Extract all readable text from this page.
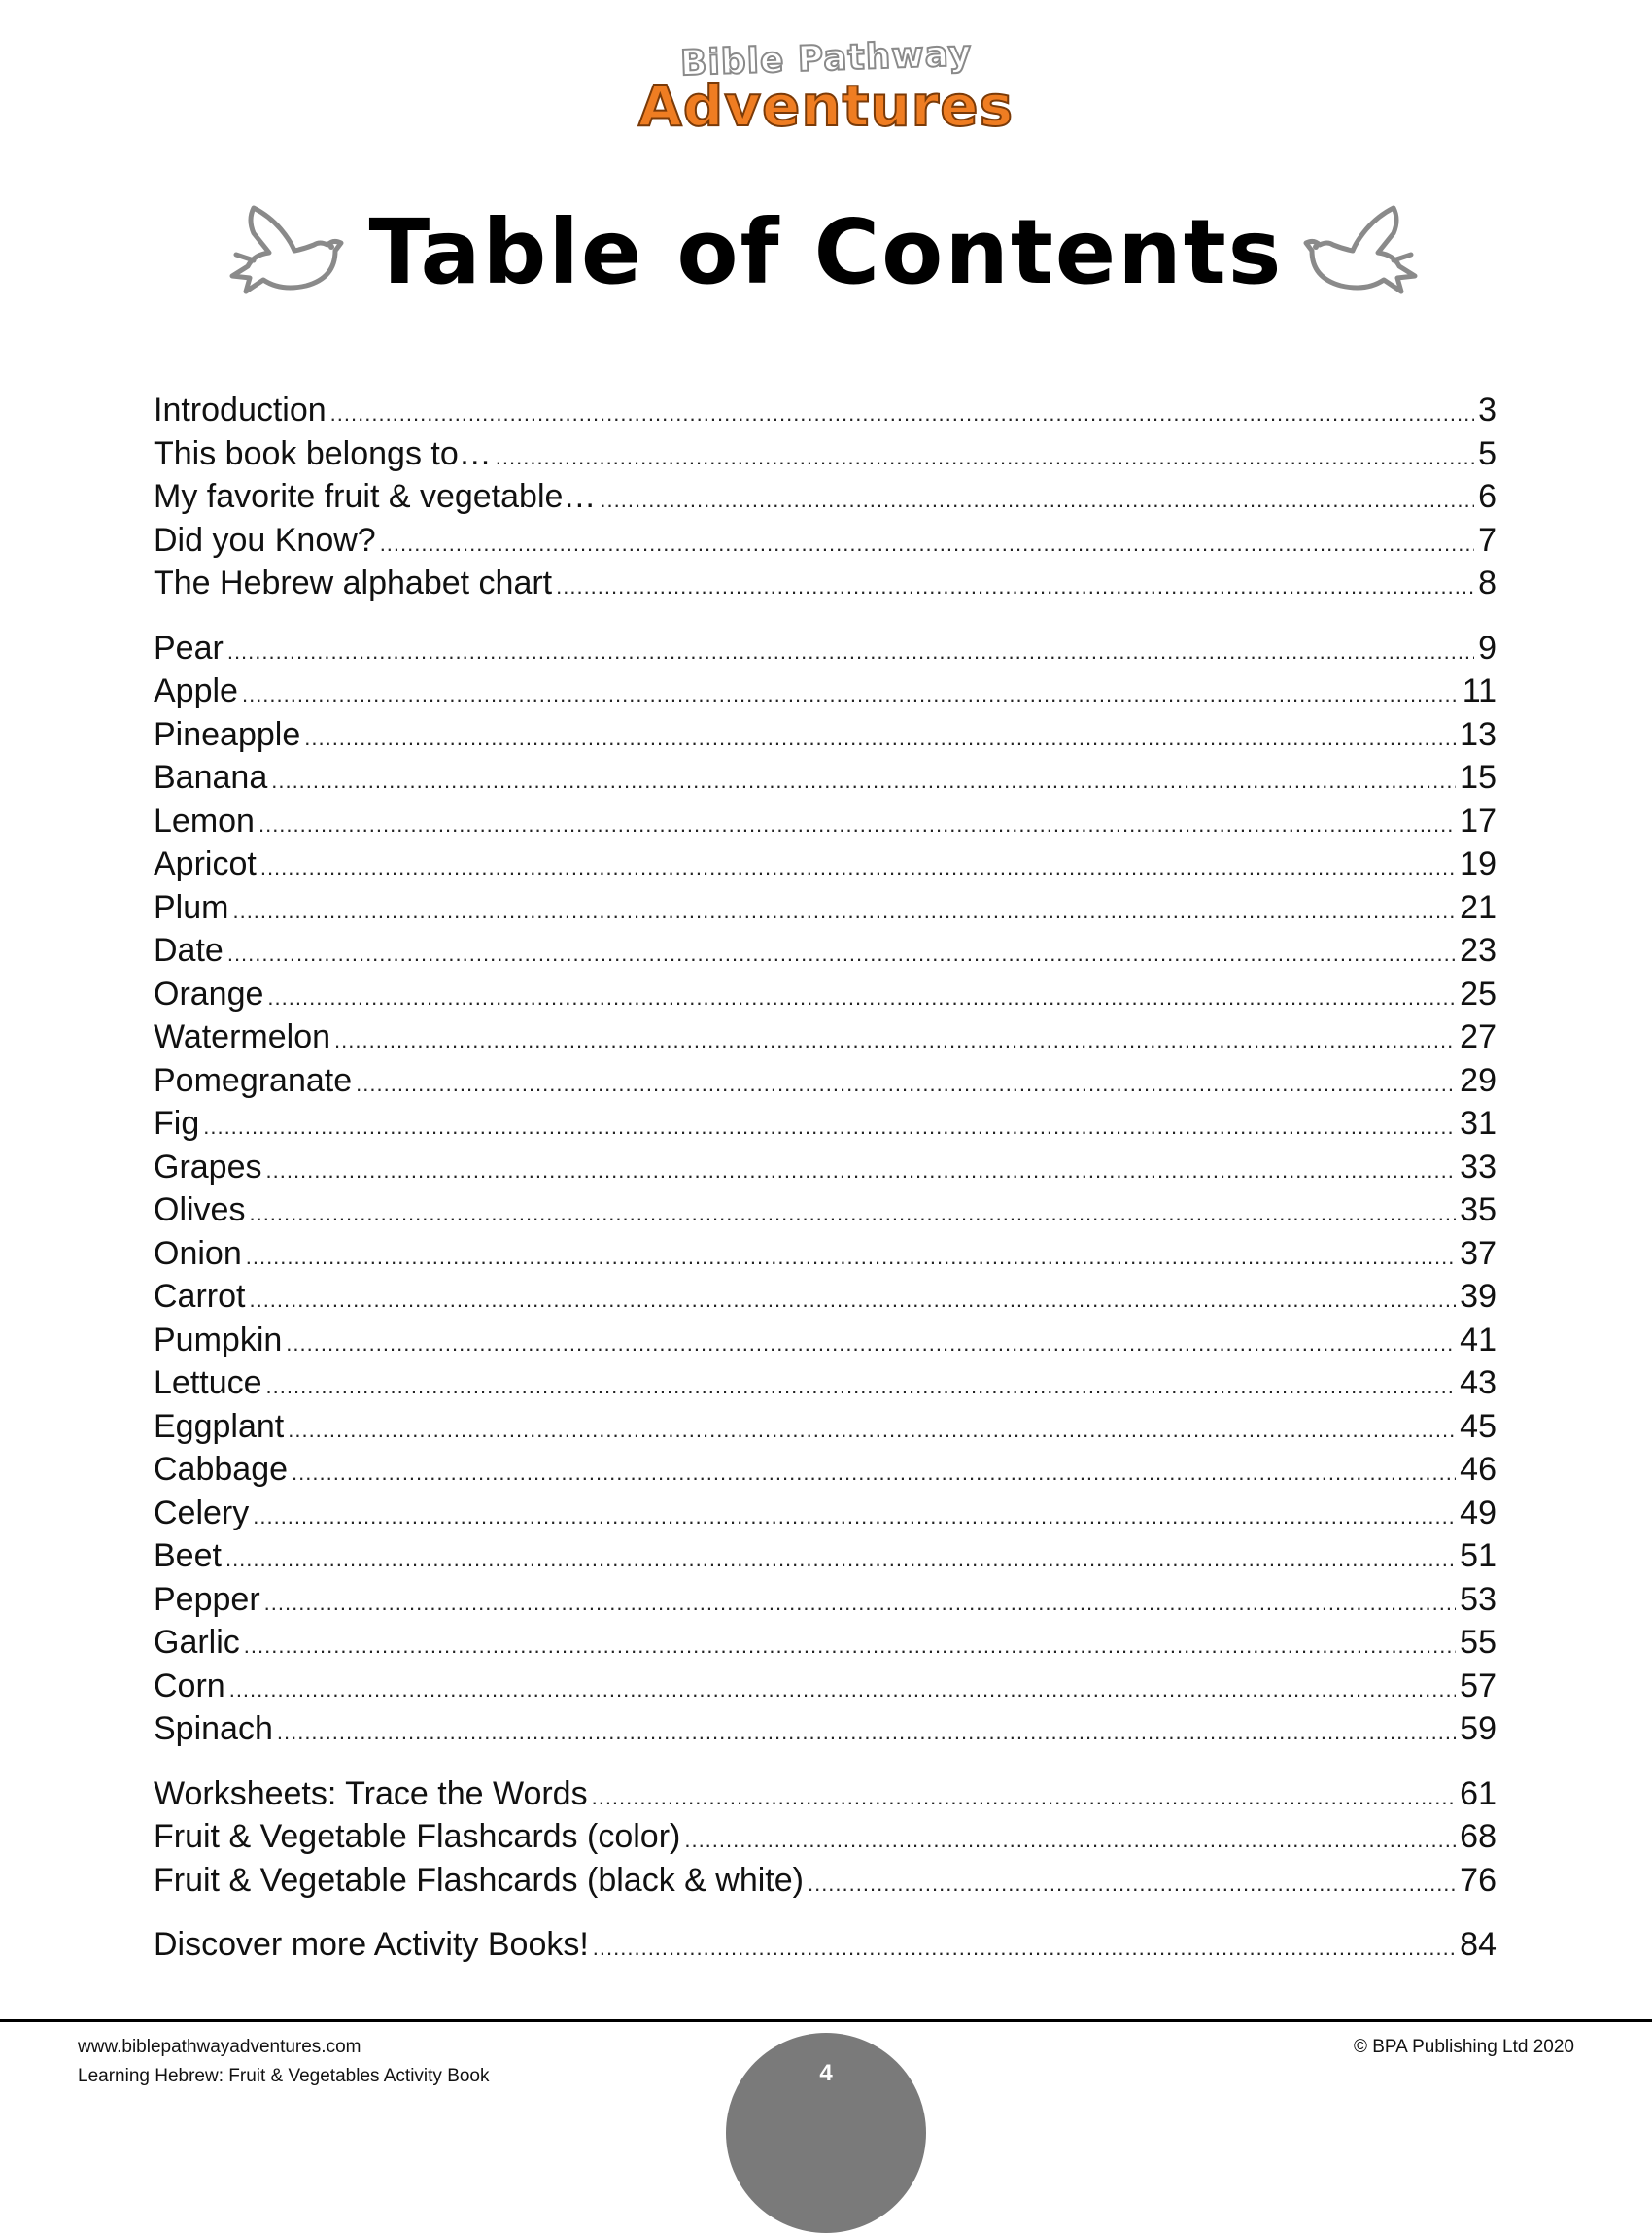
Bible Pathway
Adventures
Table of Contents
Introduction .....	3
This book belongs to… .....	5
My favorite fruit & vegetable… .....	6
Did you Know? .....	7
The Hebrew alphabet chart .....	8
Pear .....	9
Apple .....	11
Pineapple .....	13
Banana .....	15
Lemon .....	17
Apricot .....	19
Plum .....	21
Date .....	23
Orange .....	25
Watermelon .....	27
Pomegranate .....	29
Fig .....	31
Grapes .....	33
Olives .....	35
Onion .....	37
Carrot .....	39
Pumpkin .....	41
Lettuce .....	43
Eggplant .....	45
Cabbage .....	46
Celery .....	49
Beet .....	51
Pepper .....	53
Garlic .....	55
Corn .....	57
Spinach .....	59
Worksheets: Trace the Words .....	61
Fruit & Vegetable Flashcards (color) .....	68
Fruit & Vegetable Flashcards (black & white) .....	76
Discover more Activity Books! .....	84
www.biblepathwayadventures.com
Learning Hebrew: Fruit & Vegetables Activity Book
© BPA Publishing Ltd 2020
4
